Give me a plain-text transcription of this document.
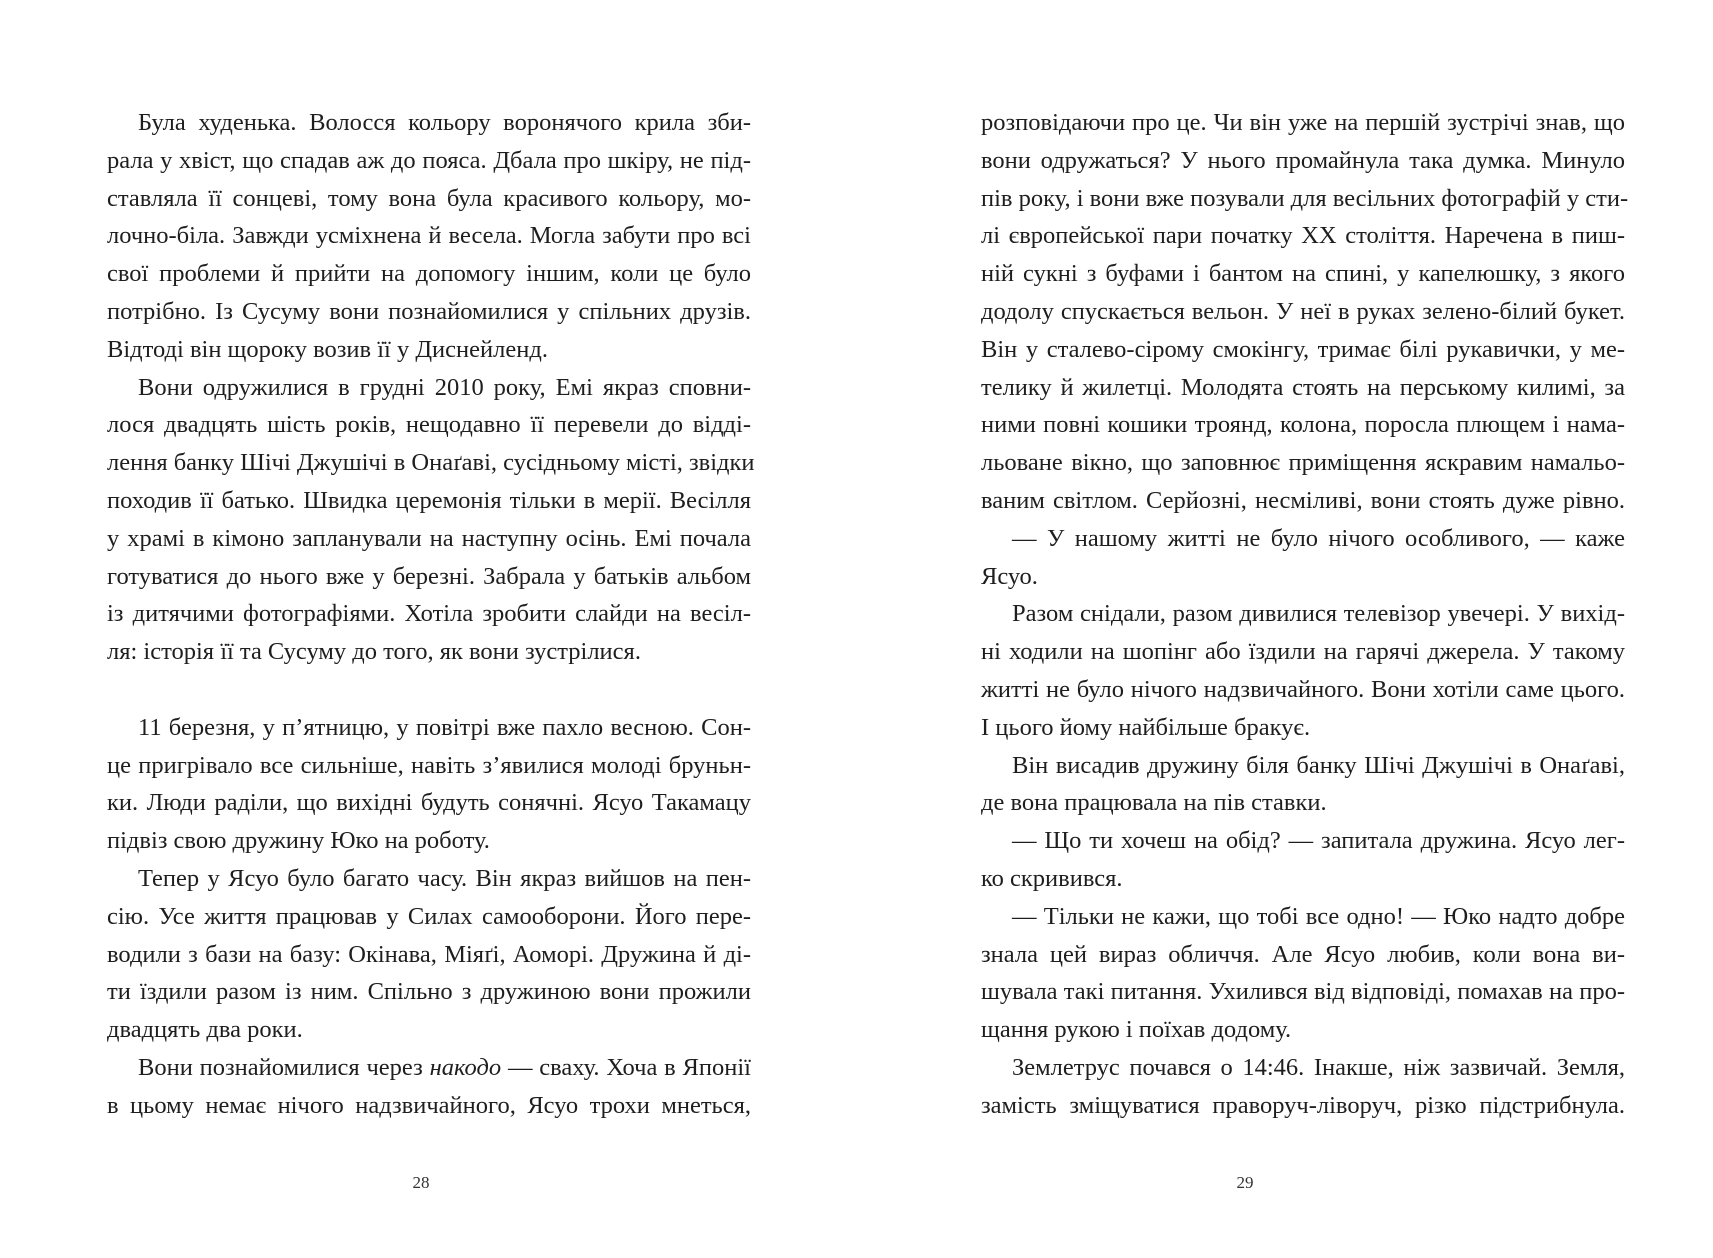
Була худенька. Волосся кольору воронячого крила зби-
рала у хвіст, що спадав аж до пояса. Дбала про шкіру, не під-
ставляла її сонцеві, тому вона була красивого кольору, мо-
лочно-біла. Завжди усміхнена й весела. Могла забути про всі
свої проблеми й прийти на допомогу іншим, коли це було
потрібно. Із Сусуму вони познайомилися у спільних друзів.
Відтоді він щороку возив її у Диснейленд.
Вони одружилися в грудні 2010 року, Емі якраз сповни-
лося двадцять шість років, нещодавно її перевели до відді-
лення банку Шічі Джушічі в Онаґаві, сусідньому місті, звідки
походив її батько. Швидка церемонія тільки в мерії. Весілля
у храмі в кімоно запланували на наступну осінь. Емі почала
готуватися до нього вже у березні. Забрала у батьків альбом
із дитячими фотографіями. Хотіла зробити слайди на весіл-
ля: історія її та Сусуму до того, як вони зустрілися.
11 березня, у п’ятницю, у повітрі вже пахло весною. Сон-
це пригрівало все сильніше, навіть з’явилися молоді бруньн-
ки. Люди раділи, що вихідні будуть сонячні. Ясуо Такамацу
підвіз свою дружину Юко на роботу.
Тепер у Ясуо було багато часу. Він якраз вийшов на пен-
сію. Усе життя працював у Силах самооборони. Його пере-
водили з бази на базу: Окінава, Міяґі, Аоморі. Дружина й ді-
ти їздили разом із ним. Спільно з дружиною вони прожили
двадцять два роки.
Вони познайомилися через накодо — сваху. Хоча в Японії
в цьому немає нічого надзвичайного, Ясуо трохи мнеться,
28
розповідаючи про це. Чи він уже на першій зустрічі знав, що
вони одружаться? У нього промайнула така думка. Минуло
пів року, і вони вже позували для весільних фотографій у сти-
лі європейської пари початку XX століття. Наречена в пиш-
ній сукні з буфами і бантом на спині, у капелюшку, з якого
додолу спускається вельон. У неї в руках зелено-білий букет.
Він у сталево-сірому смокінгу, тримає білі рукавички, у ме-
телику й жилетці. Молодята стоять на перському килимі, за
ними повні кошики троянд, колона, поросла плющем і нама-
льоване вікно, що заповнює приміщення яскравим намальо-
ваним світлом. Серйозні, несміливі, вони стоять дуже рівно.
— У нашому житті не було нічого особливого, — каже
Ясуо.
Разом снідали, разом дивилися телевізор увечері. У вихід-
ні ходили на шопінг або їздили на гарячі джерела. У такому
житті не було нічого надзвичайного. Вони хотіли саме цього.
І цього йому найбільше бракує.
Він висадив дружину біля банку Шічі Джушічі в Онаґаві,
де вона працювала на пів ставки.
— Що ти хочеш на обід? — запитала дружина. Ясуо лег-
ко скривився.
— Тільки не кажи, що тобі все одно! — Юко надто добре
знала цей вираз обличчя. Але Ясуо любив, коли вона ви-
шувала такі питання. Ухилився від відповіді, помахав на про-
щання рукою і поїхав додому.
Землетрус почався о 14:46. Інакше, ніж зазвичай. Земля,
замість зміщуватися праворуч-ліворуч, різко підстрибнула.
29
